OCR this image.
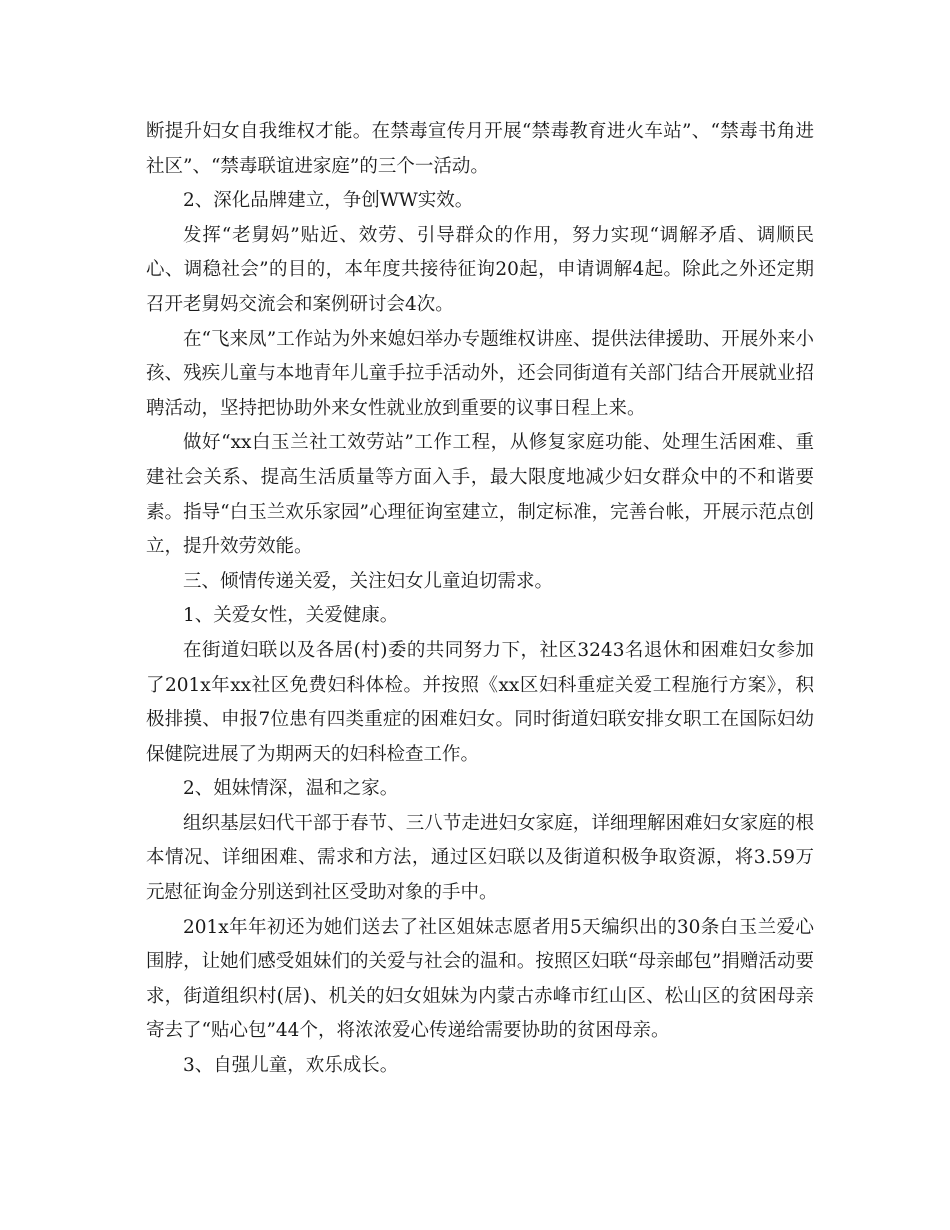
断提升妇女自我维权才能。在禁毒宣传月开展“禁毒教育进火车站”、“禁毒书角进社区”、“禁毒联谊进家庭”的三个一活动。

2、深化品牌建立，争创WW实效。

发挥“老舅妈”贴近、效劳、引导群众的作用，努力实现“调解矛盾、调顺民心、调稳社会”的目的，本年度共接待征询20起，申请调解4起。除此之外还定期召开老舅妈交流会和案例研讨会4次。

在“飞来凤”工作站为外来媳妇举办专题维权讲座、提供法律援助、开展外来小孩、残疾儿童与本地青年儿童手拉手活动外，还会同街道有关部门结合开展就业招聘活动，坚持把协助外来女性就业放到重要的议事日程上来。

做好“xx白玉兰社工效劳站”工作工程，从修复家庭功能、处理生活困难、重建社会关系、提高生活质量等方面入手，最大限度地减少妇女群众中的不和谐要素。指导“白玉兰欢乐家园”心理征询室建立，制定标准，完善台帐，开展示范点创立，提升效劳效能。

三、倾情传递关爱，关注妇女儿童迫切需求。

1、关爱女性，关爱健康。

在街道妇联以及各居(村)委的共同努力下，社区3243名退休和困难妇女参加了201x年xx社区免费妇科体检。并按照《xx区妇科重症关爱工程施行方案》，积极排摸、申报7位患有四类重症的困难妇女。同时街道妇联安排女职工在国际妇幼保健院进展了为期两天的妇科检查工作。

2、姐妹情深，温和之家。

组织基层妇代干部于春节、三八节走进妇女家庭，详细理解困难妇女家庭的根本情况、详细困难、需求和方法，通过区妇联以及街道积极争取资源，将3.59万元慰征询金分别送到社区受助对象的手中。

201x年年初还为她们送去了社区姐妹志愿者用5天编织出的30条白玉兰爱心围脖，让她们感受姐妹们的关爱与社会的温和。按照区妇联“母亲邮包”捐赠活动要求，街道组织村(居)、机关的妇女姐妹为内蒙古赤峰市红山区、松山区的贫困母亲寄去了“贴心包”44个，将浓浓爱心传递给需要协助的贫困母亲。

3、自强儿童，欢乐成长。
